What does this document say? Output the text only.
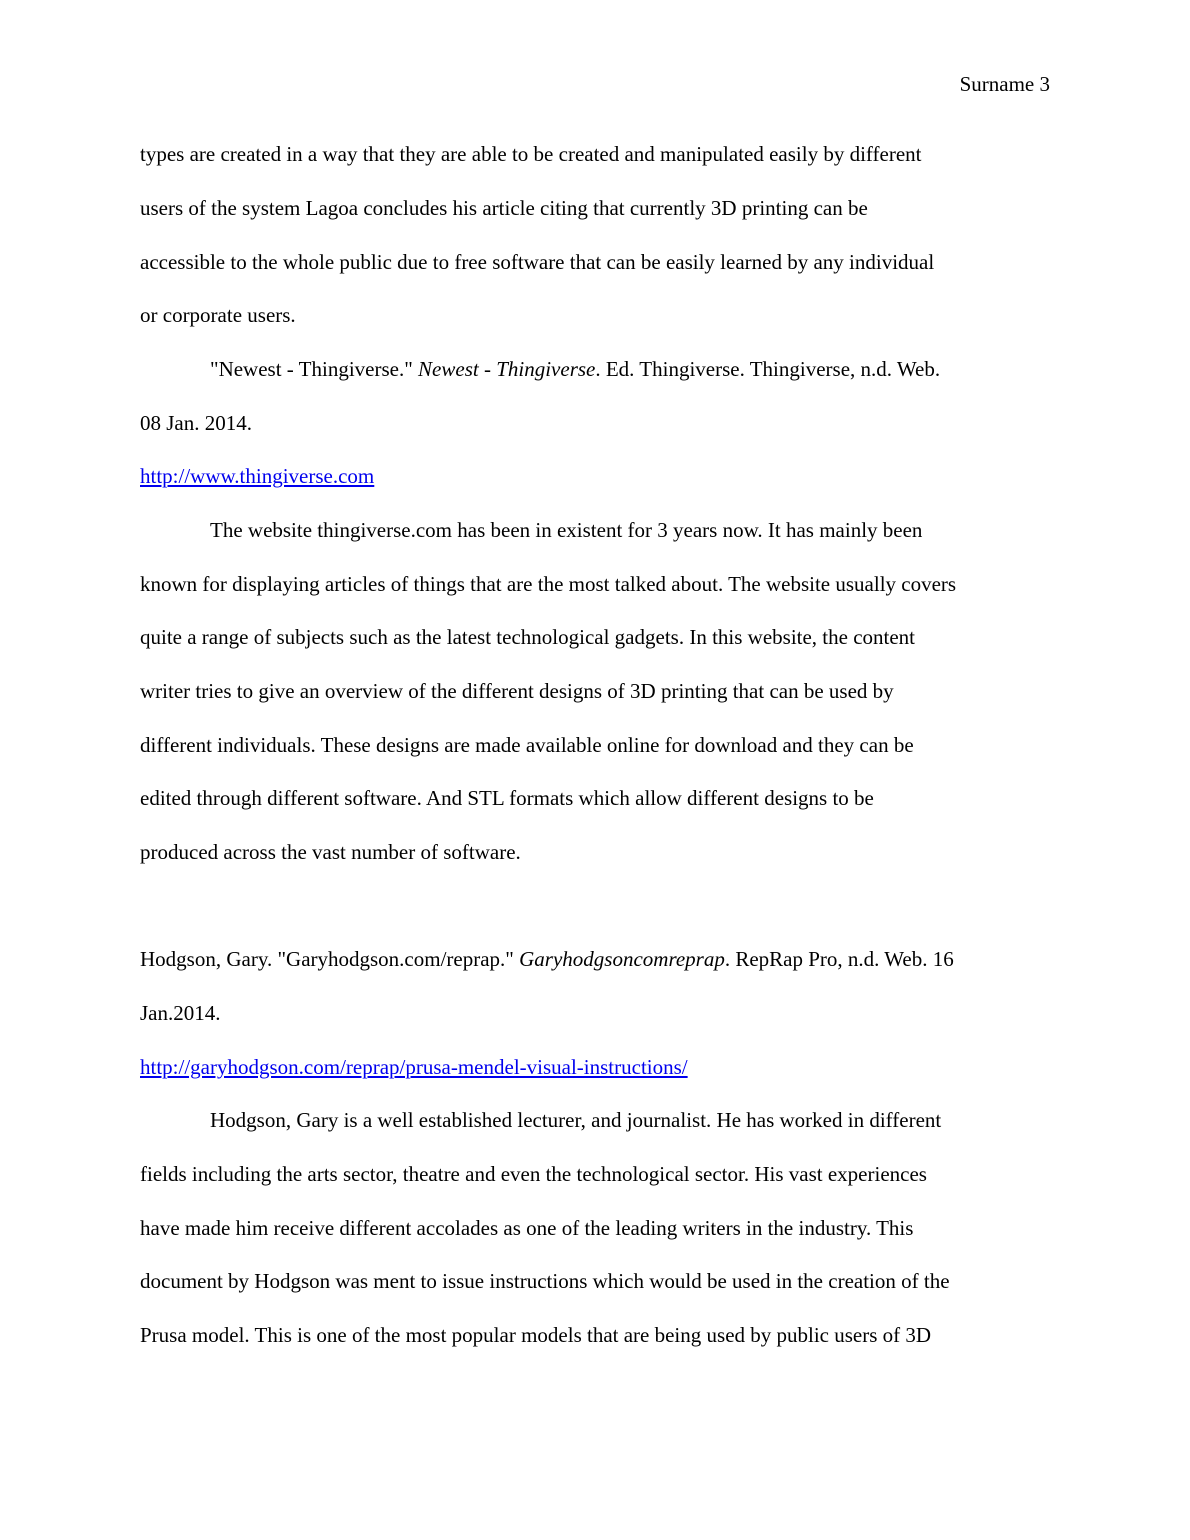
Surname 3
types are created in a way that they are able to be created and manipulated easily by different
users of the system Lagoa concludes his article citing that currently 3D printing can be
accessible to the whole public due to free software that can be easily learned by any individual
or corporate users.
"Newest - Thingiverse." Newest - Thingiverse. Ed. Thingiverse. Thingiverse, n.d. Web.
08 Jan. 2014.
http://www.thingiverse.com
The website thingiverse.com has been in existent for 3 years now. It has mainly been
known for displaying articles of things that are the most talked about. The website usually covers
quite a range of subjects such as the latest technological gadgets. In this website, the content
writer tries to give an overview of the different designs of 3D printing that can be used by
different individuals. These designs are made available online for download and they can be
edited through different software. And STL formats which allow different designs to be
produced across the vast number of software.
Hodgson, Gary. "Garyhodgson.com/reprap." Garyhodgsoncomreprap. RepRap Pro, n.d. Web. 16
Jan.2014.
http://garyhodgson.com/reprap/prusa-mendel-visual-instructions/
Hodgson, Gary is a well established lecturer, and journalist. He has worked in different
fields including the arts sector, theatre and even the technological sector. His vast experiences
have made him receive different accolades as one of the leading writers in the industry. This
document by Hodgson was ment to issue instructions which would be used in the creation of the
Prusa model. This is one of the most popular models that are being used by public users of 3D
